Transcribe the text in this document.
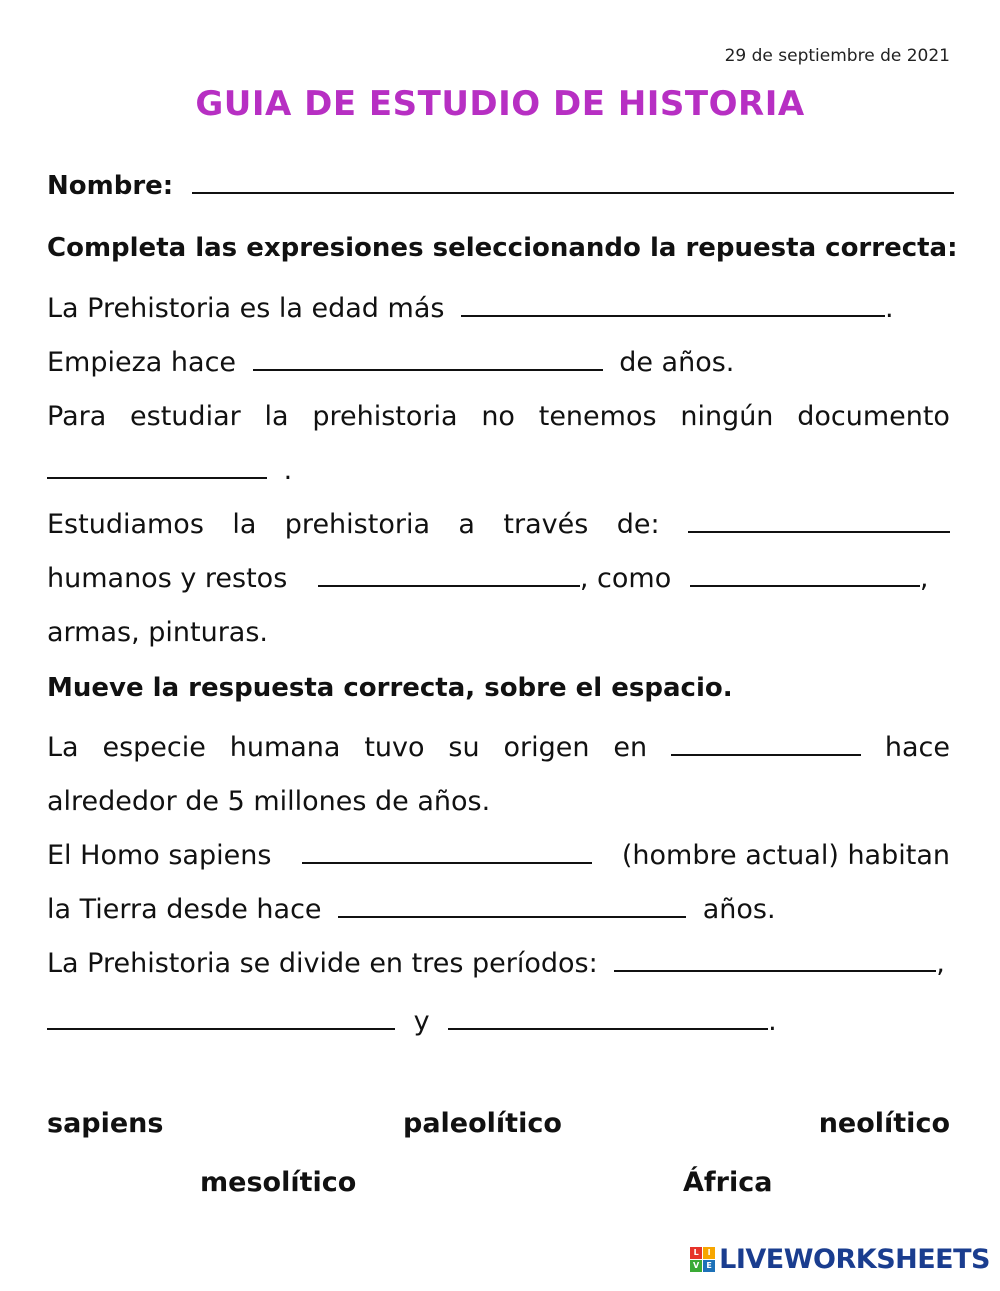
29 de septiembre de 2021
GUIA DE ESTUDIO DE HISTORIA
Nombre:
Completa las expresiones seleccionando la repuesta correcta:
La Prehistoria es la edad más	.
Empieza hace	de años.
Para estudiar la prehistoria no tenemos ningún documento
.
Estudiamos la prehistoria a través de:
humanos y restos	, como	,
armas, pinturas.
Mueve la respuesta correcta, sobre el espacio.
La especie humana tuvo su origen en	hace
alrededor de 5 millones de años.
El Homo sapiens	(hombre actual) habitan
la Tierra desde hace	años.
La Prehistoria se divide en tres períodos:	,
y	.
sapiens	paleolítico	neolítico
mesolítico	África
L	I
V E LIVEWORKSHEETS
